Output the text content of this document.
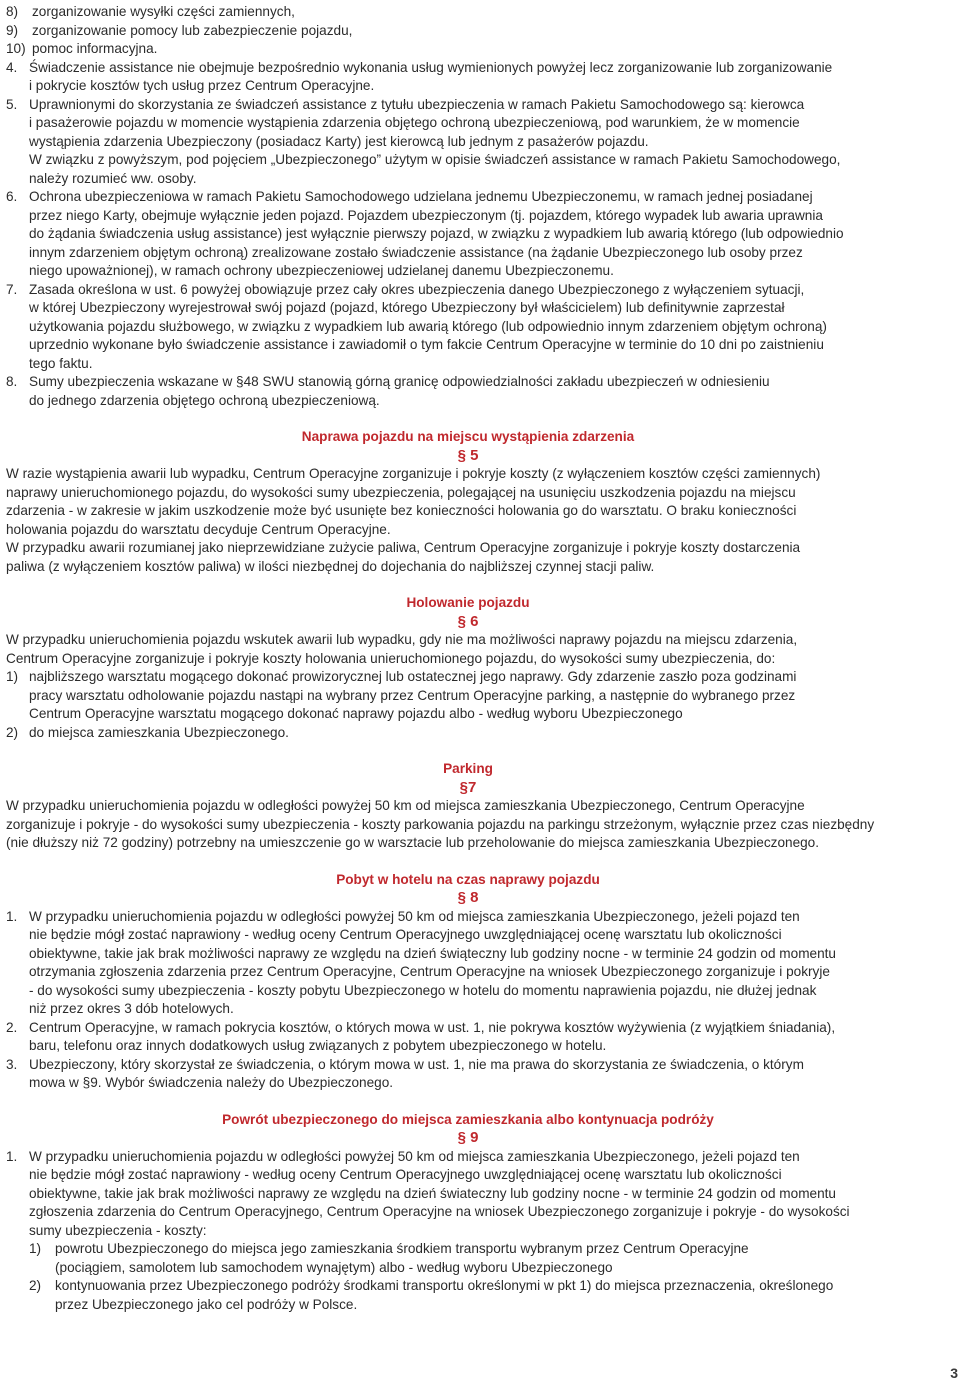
8)	zorganizowanie wysyłki części zamiennych,
9)	zorganizowanie pomocy lub zabezpieczenie pojazdu,
10) pomoc informacyjna.
4. Świadczenie assistance nie obejmuje bezpośrednio wykonania usług wymienionych powyżej lecz zorganizowanie lub zorganizowanie
i pokrycie kosztów tych usług przez Centrum Operacyjne.
5. Uprawnionymi do skorzystania ze świadczeń assistance z tytułu ubezpieczenia w ramach Pakietu Samochodowego są: kierowca
i pasażerowie pojazdu w momencie wystąpienia zdarzenia objętego ochroną ubezpieczeniową, pod warunkiem, że w momencie
wystąpienia zdarzenia Ubezpieczony (posiadacz Karty) jest kierowcą lub jednym z pasażerów pojazdu.
W związku z powyższym, pod pojęciem „Ubezpieczonego” użytym w opisie świadczeń assistance w ramach Pakietu Samochodowego,
należy rozumieć ww. osoby.
6. Ochrona ubezpieczeniowa w ramach Pakietu Samochodowego udzielana jednemu Ubezpieczonemu, w ramach jednej posiadanej
przez niego Karty, obejmuje wyłącznie jeden pojazd. Pojazdem ubezpieczonym (tj. pojazdem, którego wypadek lub awaria uprawnia
do żądania świadczenia usług assistance) jest wyłącznie pierwszy pojazd, w związku z wypadkiem lub awarią którego (lub odpowiednio
innym zdarzeniem objętym ochroną) zrealizowane zostało świadczenie assistance (na żądanie Ubezpieczonego lub osoby przez
niego upoważnionej), w ramach ochrony ubezpieczeniowej udzielanej danemu Ubezpieczonemu.
7. Zasada określona w ust. 6 powyżej obowiązuje przez cały okres ubezpieczenia danego Ubezpieczonego z wyłączeniem sytuacji,
w której Ubezpieczony wyrejestrował swój pojazd (pojazd, którego Ubezpieczony był właścicielem) lub definitywnie zaprzestał
użytkowania pojazdu służbowego, w związku z wypadkiem lub awarią którego (lub odpowiednio innym zdarzeniem objętym ochroną)
uprzednio wykonane było świadczenie assistance i zawiadomił o tym fakcie Centrum Operacyjne w terminie do 10 dni po zaistnieniu
tego faktu.
8. Sumy ubezpieczenia wskazane w §48 SWU stanowią górną granicę odpowiedzialności zakładu ubezpieczeń w odniesieniu
do jednego zdarzenia objętego ochroną ubezpieczeniową.
Naprawa pojazdu na miejscu wystąpienia zdarzenia
§ 5
W razie wystąpienia awarii lub wypadku, Centrum Operacyjne zorganizuje i pokryje koszty (z wyłączeniem kosztów części zamiennych)
naprawy unieruchomionego pojazdu, do wysokości sumy ubezpieczenia, polegającej na usunięciu uszkodzenia pojazdu na miejscu
zdarzenia - w zakresie w jakim uszkodzenie może być usunięte bez konieczności holowania go do warsztatu. O braku konieczności
holowania pojazdu do warsztatu decyduje Centrum Operacyjne.
W przypadku awarii rozumianej jako nieprzewidziane zużycie paliwa, Centrum Operacyjne zorganizuje i pokryje koszty dostarczenia
paliwa (z wyłączeniem kosztów paliwa) w ilości niezbędnej do dojechania do najbliższej czynnej stacji paliw.
Holowanie pojazdu
§ 6
W przypadku unieruchomienia pojazdu wskutek awarii lub wypadku, gdy nie ma możliwości naprawy pojazdu na miejscu zdarzenia,
Centrum Operacyjne zorganizuje i pokryje koszty holowania unieruchomionego pojazdu, do wysokości sumy ubezpieczenia, do:
1) najbliższego warsztatu mogącego dokonać prowizorycznej lub ostatecznej jego naprawy. Gdy zdarzenie zaszło poza godzinami
pracy warsztatu odholowanie pojazdu nastąpi na wybrany przez Centrum Operacyjne parking, a następnie do wybranego przez
Centrum Operacyjne warsztatu mogącego dokonać naprawy pojazdu albo - według wyboru Ubezpieczonego
2) do miejsca zamieszkania Ubezpieczonego.
Parking
§7
W przypadku unieruchomienia pojazdu w odległości powyżej 50 km od miejsca zamieszkania Ubezpieczonego, Centrum Operacyjne
zorganizuje i pokryje - do wysokości sumy ubezpieczenia - koszty parkowania pojazdu na parkingu strzeżonym, wyłącznie przez czas niezbędny
(nie dłuższy niż 72 godziny) potrzebny na umieszczenie go w warsztacie lub przeholowanie do miejsca zamieszkania Ubezpieczonego.
Pobyt w hotelu na czas naprawy pojazdu
§ 8
1. W przypadku unieruchomienia pojazdu w odległości powyżej 50 km od miejsca zamieszkania Ubezpieczonego, jeżeli pojazd ten
nie będzie mógł zostać naprawiony - według oceny Centrum Operacyjnego uwzględniającej ocenę warsztatu lub okoliczności
obiektywne, takie jak brak możliwości naprawy ze względu na dzień świąteczny lub godziny nocne - w terminie 24 godzin od momentu
otrzymania zgłoszenia zdarzenia przez Centrum Operacyjne, Centrum Operacyjne na wniosek Ubezpieczonego zorganizuje i pokryje
- do wysokości sumy ubezpieczenia - koszty pobytu Ubezpieczonego w hotelu do momentu naprawienia pojazdu, nie dłużej jednak
niż przez okres 3 dób hotelowych.
2. Centrum Operacyjne, w ramach pokrycia kosztów, o których mowa w ust. 1, nie pokrywa kosztów wyżywienia (z wyjątkiem śniadania),
baru, telefonu oraz innych dodatkowych usług związanych z pobytem ubezpieczonego w hotelu.
3. Ubezpieczony, który skorzystał ze świadczenia, o którym mowa w ust. 1, nie ma prawa do skorzystania ze świadczenia, o którym
mowa w §9. Wybór świadczenia należy do Ubezpieczonego.
Powrót ubezpieczonego do miejsca zamieszkania albo kontynuacja podróży
§ 9
1. W przypadku unieruchomienia pojazdu w odległości powyżej 50 km od miejsca zamieszkania Ubezpieczonego, jeżeli pojazd ten
nie będzie mógł zostać naprawiony - według oceny Centrum Operacyjnego uwzględniającej ocenę warsztatu lub okoliczności
obiektywne, takie jak brak możliwości naprawy ze względu na dzień świateczny lub godziny nocne - w terminie 24 godzin od momentu
zgłoszenia zdarzenia do Centrum Operacyjnego, Centrum Operacyjne na wniosek Ubezpieczonego zorganizuje i pokryje - do wysokości
sumy ubezpieczenia - koszty:
1)	powrotu Ubezpieczonego do miejsca jego zamieszkania środkiem transportu wybranym przez Centrum Operacyjne
(pociągiem, samolotem lub samochodem wynajętym) albo - według wyboru Ubezpieczonego
2)	kontynuowania przez Ubezpieczonego podróży środkami transportu określonymi w pkt 1) do miejsca przeznaczenia, określonego
przez Ubezpieczonego jako cel podróży w Polsce.
3
